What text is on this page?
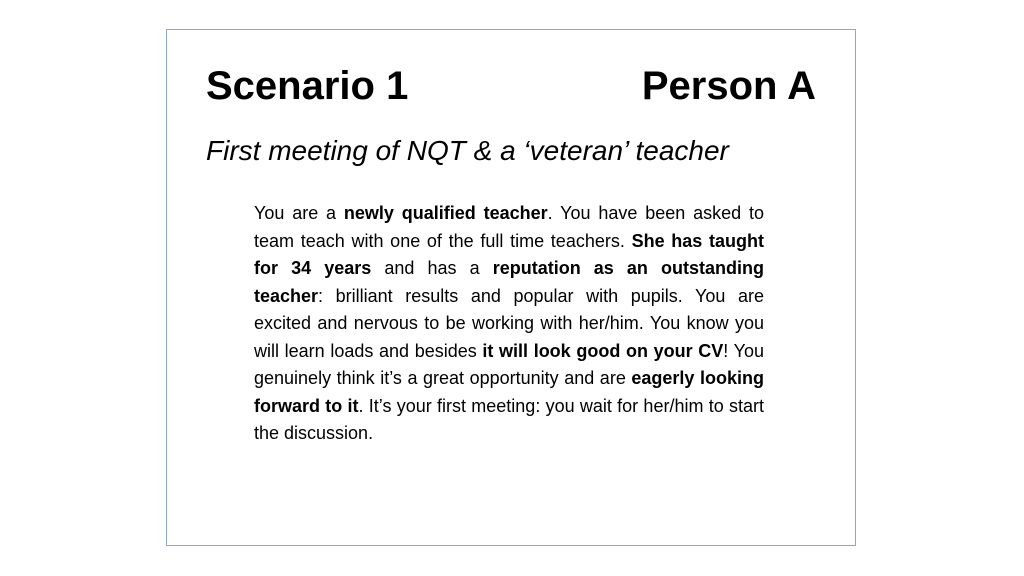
Scenario 1	Person A
First meeting of NQT & a ‘veteran’ teacher
You are a newly qualified teacher. You have been asked to team teach with one of the full time teachers. She has taught for 34 years and has a reputation as an outstanding teacher: brilliant results and popular with pupils. You are excited and nervous to be working with her/him. You know you will learn loads and besides it will look good on your CV! You genuinely think it’s a great opportunity and are eagerly looking forward to it. It’s your first meeting: you wait for her/him to start the discussion.
